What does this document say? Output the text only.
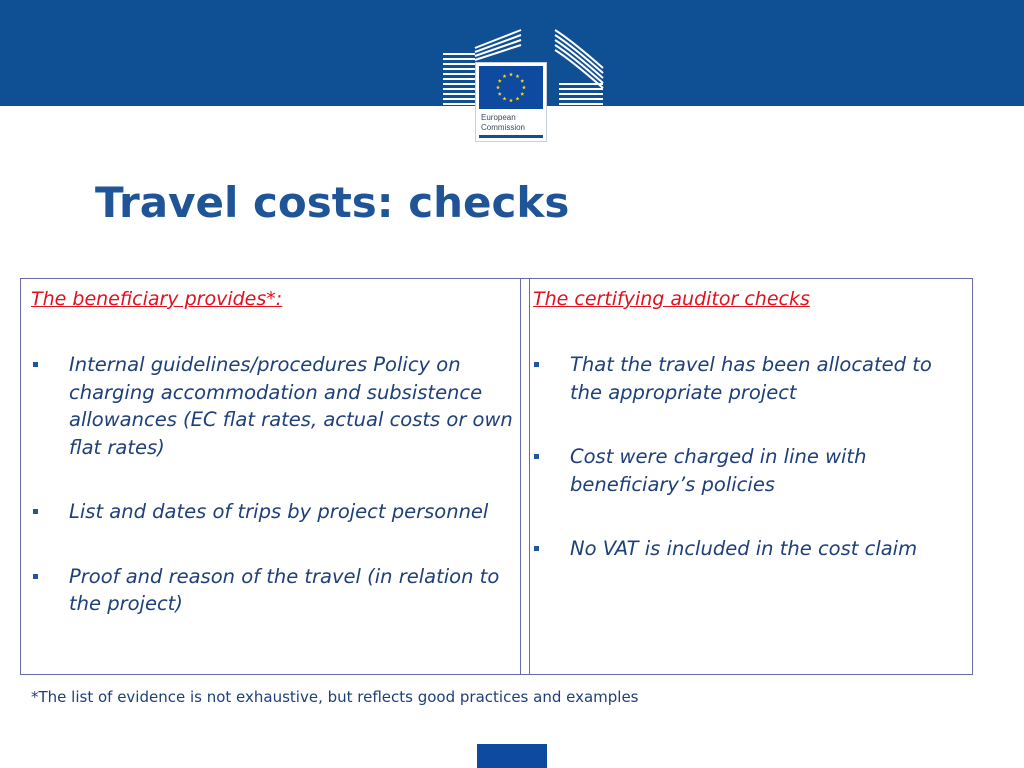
European
Commission
Travel costs: checks

The beneficiary provides*:

Internal guidelines/procedures Policy on charging accommodation and subsistence allowances (EC flat rates, actual costs or own flat rates)
List and dates of trips by project personnel
Proof and reason of the travel (in relation to the project)

The certifying auditor checks

That the travel has been allocated to the appropriate project
Cost were charged in line with beneficiary’s policies
No VAT is included in the cost claim

*The list of evidence is not exhaustive, but reflects good practices and examples
